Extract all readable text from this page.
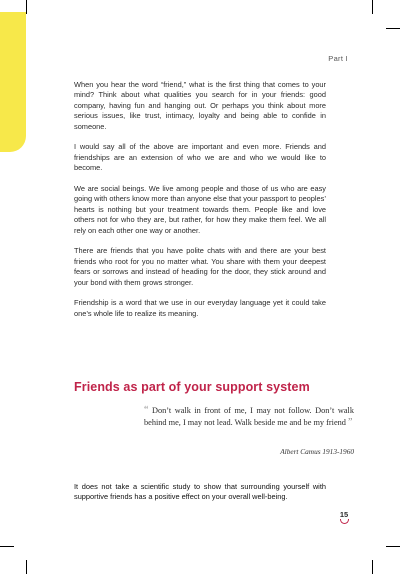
Part I

When you hear the word “friend,” what is the first thing that comes to your mind? Think about what qualities you search for in your friends: good company, having fun and hanging out. Or perhaps you think about more serious issues, like trust, intimacy, loyalty and being able to confide in someone.

I would say all of the above are important and even more. Friends and friendships are an extension of who we are and who we would like to become.

We are social beings. We live among people and those of us who are easy going with others know more than anyone else that your passport to peoples’ hearts is nothing but your treatment towards them. People like and love others not for who they are, but rather, for how they make them feel. We all rely on each other one way or another.

There are friends that you have polite chats with and there are your best friends who root for you no matter what. You share with them your deepest fears or sorrows and instead of heading for the door, they stick around and your bond with them grows stronger.

Friendship is a word that we use in our everyday language yet it could take one’s whole life to realize its meaning.

Friends as part of your support system
“ Don’t walk in front of me, I may not follow. Don’t walk behind me, I may not lead. Walk beside me and be my friend ”
Albert Camus 1913-1960
It does not take a scientific study to show that surrounding yourself with supportive friends has a positive effect on your overall well-being.
15
